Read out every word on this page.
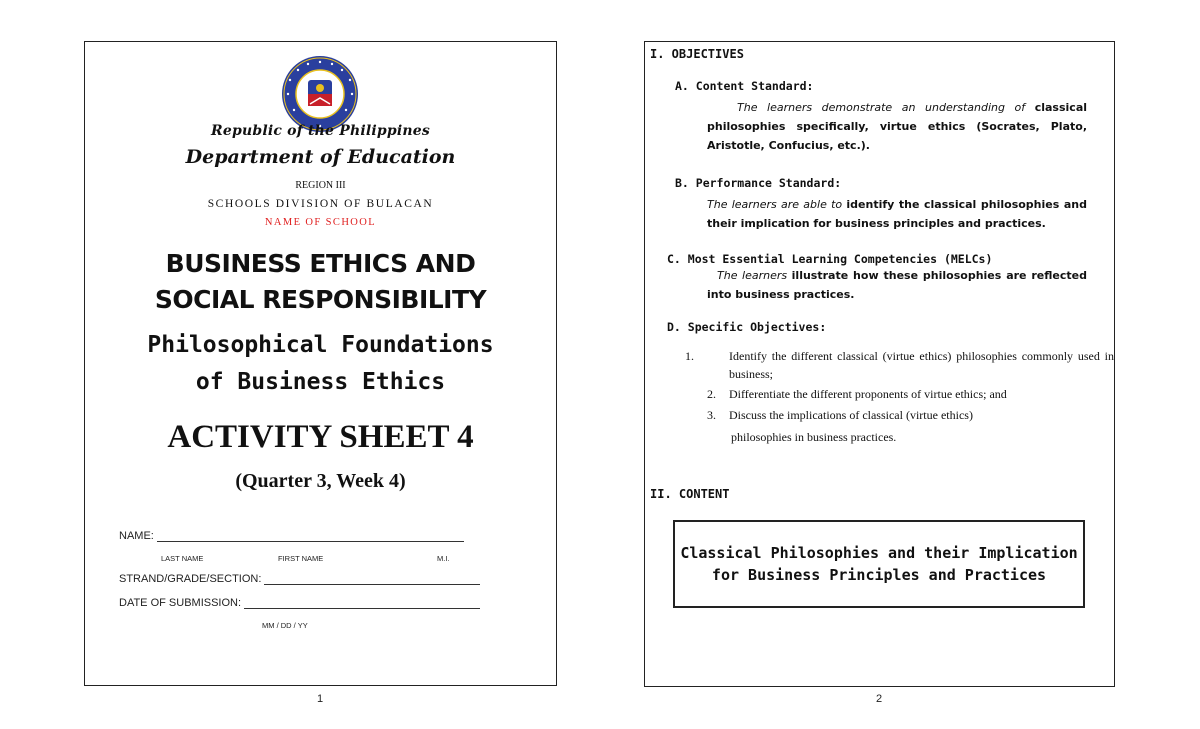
Republic of the Philippines
Department of Education
REGION III
SCHOOLS DIVISION OF BULACAN
NAME OF SCHOOL
BUSINESS ETHICS AND
SOCIAL RESPONSIBILITY
Philosophical Foundations
of Business Ethics
ACTIVITY SHEET 4
(Quarter 3, Week 4)
NAME:
LAST NAME	FIRST NAME	M.I.
STRAND/GRADE/SECTION:
DATE OF SUBMISSION:
MM / DD / YY
1
I. OBJECTIVES
A. Content Standard:
The learners demonstrate an understanding of classical philosophies specifically, virtue ethics (Socrates, Plato, Aristotle, Confucius, etc.).
B. Performance Standard:
The learners are able to identify the classical philosophies and their implication for business principles and practices.
C. Most Essential Learning Competencies (MELCs)
The learners illustrate how these philosophies are reflected into business practices.
D. Specific Objectives:
1.	Identify the different classical (virtue ethics) philosophies commonly used in business;
2. Differentiate the different proponents of virtue ethics; and
3. Discuss the implications of classical (virtue ethics)
philosophies in business practices.
II. CONTENT
Classical Philosophies and their Implication
for Business Principles and Practices
2
